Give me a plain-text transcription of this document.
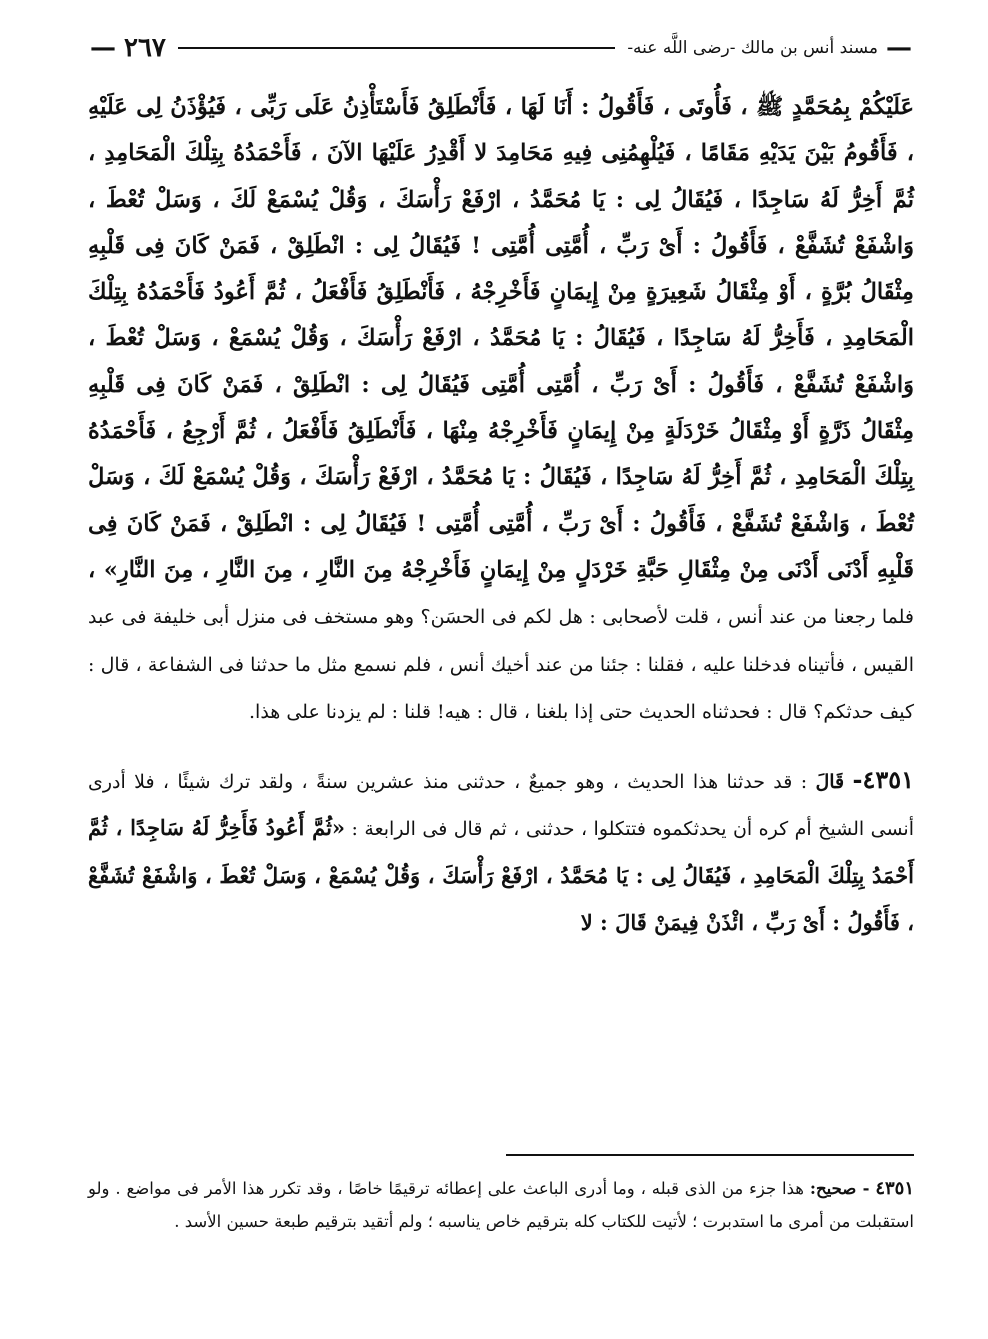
—
مسند أنس بن مالك -رضى اللَّه عنه-
٢٦٧
—

عَلَيْكُمْ بِمُحَمَّدٍ ﷺ ، فَأُوتَى ، فَأَقُولُ : أَنَا لَهَا ، فَأَنْطَلِقُ فَأَسْتَأْذِنُ عَلَى رَبِّى ، فَيُؤْذَنُ لِى عَلَيْهِ ، فَأَقُومُ بَيْنَ يَدَيْهِ مَقَامًا ، فَيُلْهِمُنِى فِيهِ مَحَامِدَ لا أَقْدِرُ عَلَيْهَا الآنَ ، فَأَحْمَدُهُ بِتِلْكَ الْمَحَامِدِ ، ثُمَّ أَخِرُّ لَهُ سَاجِدًا ، فَيُقَالُ لِى : يَا مُحَمَّدُ ، ارْفَعْ رَأْسَكَ ، وَقُلْ يُسْمَعْ لَكَ ، وَسَلْ تُعْطَ ، وَاشْفَعْ تُشَفَّعْ ، فَأَقُولُ : أَىْ رَبِّ ، أُمَّتِى أُمَّتِى ! فَيُقَالُ لِى : انْطَلِقْ ، فَمَنْ كَانَ فِى قَلْبِهِ مِثْقَالُ بُرَّةٍ ، أَوْ مِثْقَالُ شَعِيرَةٍ مِنْ إِيمَانٍ فَأَخْرِجْهُ ، فَأَنْطَلِقُ فَأَفْعَلُ ، ثُمَّ أَعُودُ فَأَحْمَدُهُ بِتِلْكَ الْمَحَامِدِ ، فَأَخِرُّ لَهُ سَاجِدًا ، فَيُقَالُ : يَا مُحَمَّدُ ، ارْفَعْ رَأْسَكَ ، وَقُلْ يُسْمَعْ ، وَسَلْ تُعْطَ ، وَاشْفَعْ تُشَفَّعْ ، فَأَقُولُ : أَىْ رَبِّ ، أُمَّتِى أُمَّتِى فَيُقَالُ لِى : انْطَلِقْ ، فَمَنْ كَانَ فِى قَلْبِهِ مِثْقَالُ ذَرَّةٍ أَوْ مِثْقَالُ خَرْدَلَةٍ مِنْ إِيمَانٍ فَأَخْرِجْهُ مِنْهَا ، فَأَنْطَلِقُ فَأَفْعَلُ ، ثُمَّ أَرْجِعُ ، فَأَحْمَدُهُ بِتِلْكَ الْمَحَامِدِ ، ثُمَّ أَخِرُّ لَهُ سَاجِدًا ، فَيُقَالُ : يَا مُحَمَّدُ ، ارْفَعْ رَأْسَكَ ، وَقُلْ يُسْمَعْ لَكَ ، وَسَلْ تُعْطَ ، وَاشْفَعْ تُشَفَّعْ ، فَأَقُولُ : أَىْ رَبِّ ، أُمَّتِى أُمَّتِى ! فَيُقَالُ لِى : انْطَلِقْ ، فَمَنْ كَانَ فِى قَلْبِهِ أَدْنَى أَدْنَى مِنْ مِثْقَالِ حَبَّةِ خَرْدَلٍ مِنْ إِيمَانٍ فَأَخْرِجْهُ مِنَ النَّارِ ، مِنَ النَّارِ ، مِنَ النَّارِ» ، فلما رجعنا من عند أنس ، قلت لأصحابى : هل لكم فى الحسَن؟ وهو مستخف فى منزل أبى خليفة فى عبد القيس ، فأتيناه فدخلنا عليه ، فقلنا : جئنا من عند أخيك أنس ، فلم نسمع مثل ما حدثنا فى الشفاعة ، قال : كيف حدثكم؟ قال : فحدثناه الحديث حتى إذا بلغنا ، قال : هيه! قلنا : لم يزدنا على هذا.

٤٣٥١- قَالَ : قد حدثنا هذا الحديث ، وهو جميعٌ ، حدثنى منذ عشرين سنةً ، ولقد ترك شيئًا ، فلا أدرى أنسى الشيخ أم كره أن يحدثكموه فتتكلوا ، حدثنى ، ثم قال فى الرابعة : «ثُمَّ أَعُودُ فَأَخِرُّ لَهُ سَاجِدًا ، ثُمَّ أَحْمَدُ بِتِلْكَ الْمَحَامِدِ ، فَيُقَالُ لِى : يَا مُحَمَّدُ ، ارْفَعْ رَأْسَكَ ، وَقُلْ يُسْمَعْ ، وَسَلْ تُعْطَ ، وَاشْفَعْ تُشَفَّعْ ، فَأَقُولُ : أَىْ رَبِّ ، ائْذَنْ فِيمَنْ قَالَ : لا

٤٣٥١ - صحيح: هذا جزء من الذى قبله ، وما أدرى الباعث على إعطائه ترقيمًا خاصًا ، وقد تكرر هذا الأمر فى مواضع . ولو استقبلت من أمرى ما استدبرت ؛ لأتيت للكتاب كله بترقيم خاص يناسبه ؛ ولم أتقيد بترقيم طبعة حسين الأسد .
